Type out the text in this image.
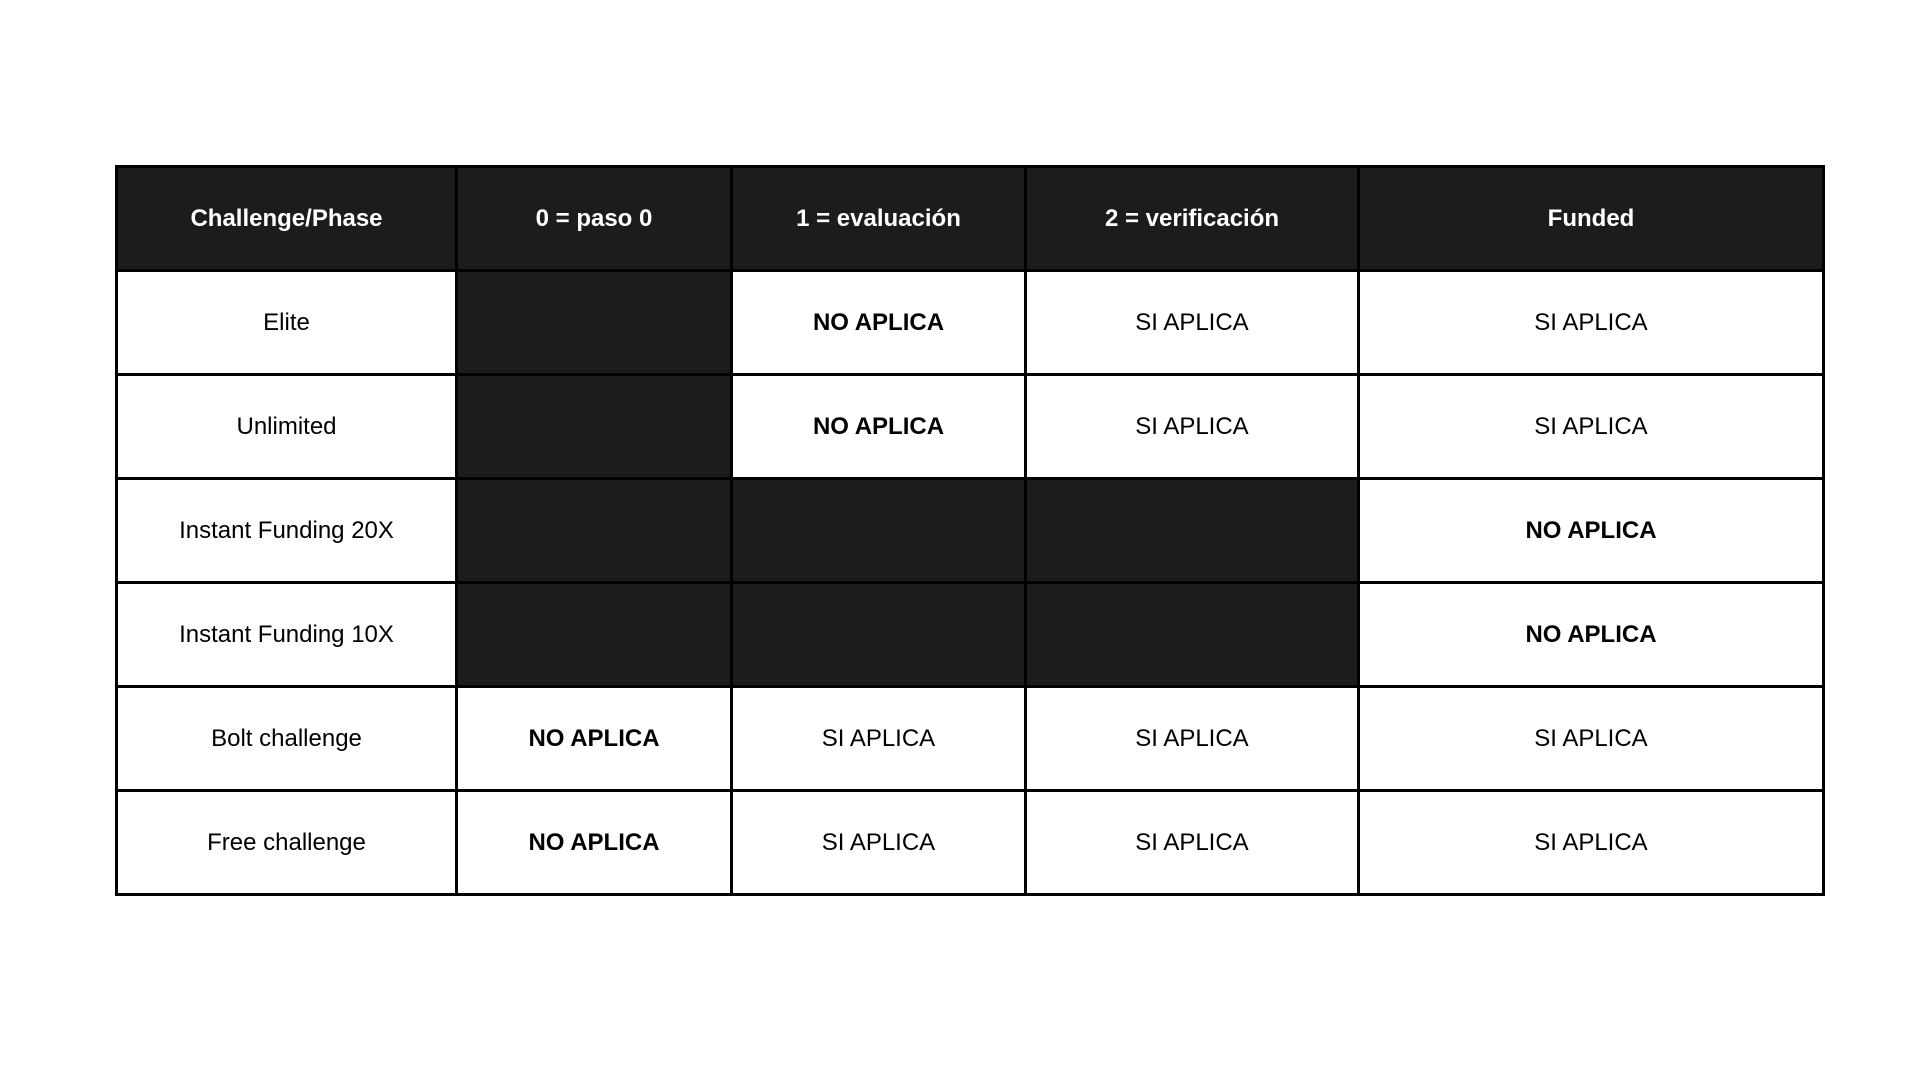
Challenge/Phase	0 = paso 0	1 = evaluación	2 = verificación	Funded
Elite		NO APLICA	SI APLICA	SI APLICA
Unlimited		NO APLICA	SI APLICA	SI APLICA
Instant Funding 20X				NO APLICA
Instant Funding 10X				NO APLICA
Bolt challenge	NO APLICA	SI APLICA	SI APLICA	SI APLICA
Free challenge	NO APLICA	SI APLICA	SI APLICA	SI APLICA
